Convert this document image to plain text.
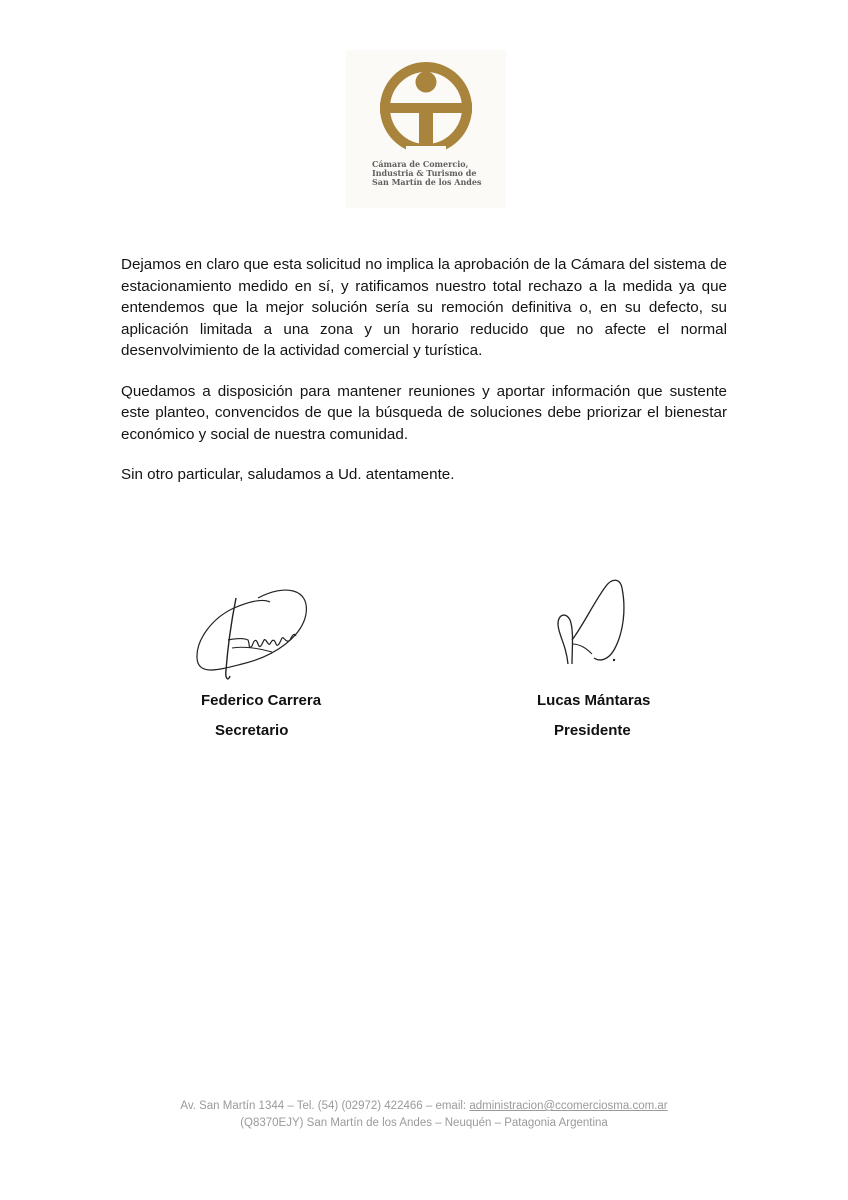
Cámara de Comercio,
Industria & Turismo de
San Martín de los Andes

Dejamos en claro que esta solicitud no implica la aprobación de la Cámara del sistema de estacionamiento medido en sí, y ratificamos nuestro total rechazo a la medida ya que entendemos que la mejor solución sería su remoción definitiva o, en su defecto, su aplicación limitada a una zona y un horario reducido que no afecte el normal desenvolvimiento de la actividad comercial y turística.

Quedamos a disposición para mantener reuniones y aportar información que sustente este planteo, convencidos de que la búsqueda de soluciones debe priorizar el bienestar económico y social de nuestra comunidad.

Sin otro particular, saludamos a Ud. atentamente.

Federico Carrera
Secretario
Lucas Mántaras
Presidente
Av. San Martín 1344 – Tel. (54) (02972) 422466 – email: administracion@ccomerciosma.com.ar
(Q8370EJY) San Martín de los Andes – Neuquén – Patagonia Argentina
